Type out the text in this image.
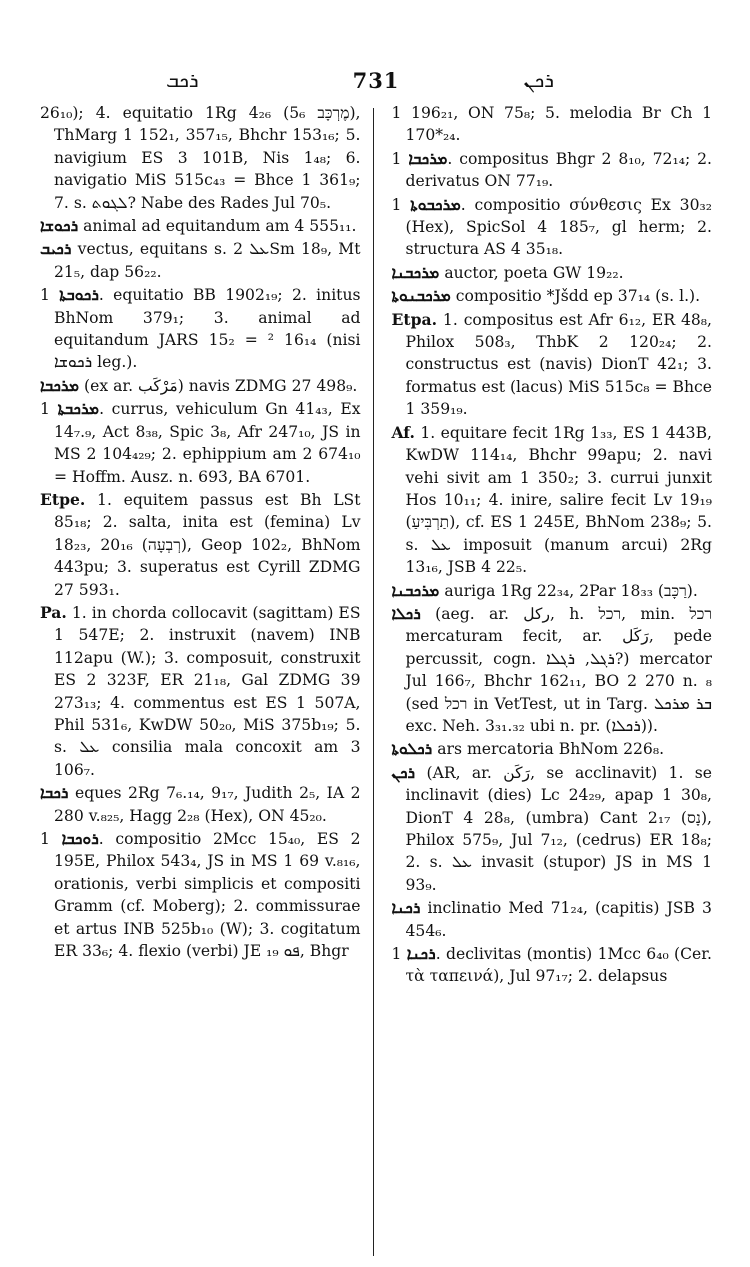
ܪܟܒ	731	ܪܟܢ

26₁₀); 4. equitatio 1Rg 4₂₆ (5₆ מֶרְכָּב), ThMarg 1 152₁, 357₁₅, Bhchr 153₁₆; 5. navigium ES 3 101B, Nis 1₄₈; 6. navigatio MiS 515c₄₃ = Bhce 1 361₉; 7. s. ܠܓܘܬ? Nabe des Rades Jul 70₅.

ܪܟܘܫܐ animal ad equitandum am 4 555₁₁.

ܪܟܝܒ vectus, equitans s. ܥܠ 2Sm 18₉, Mt 21₅, dap 56₂₂.

ܪܟܘܒܬܐ 1. equitatio BB 1902₁₉; 2. initus BhNom 379₁; 3. animal ad equitandum JARS 15₂ = ² 16₁₄ (nisi ܪܟܘܫܐ leg.).

ܡܪܟܒܐ (ex ar. مَرْكَب) navis ZDMG 27 498₉.

ܡܪܟܒܬܐ 1. currus, vehiculum Gn 41₄₃, Ex 14₇.₉, Act 8₃₈, Spic 3₈, Afr 247₁₀, JS in MS 2 104₄₂₉; 2. ephippium am 2 674₁₀ = Hoffm. Ausz. n. 693, BA 6701.

Etpe. 1. equitem passus est Bh LSt 85₁₈; 2. salta, inita est (femina) Lv 18₂₃, 20₁₆ (רְבְעָה), Geop 102₂, BhNom 443pu; 3. superatus est Cyrill ZDMG 27 593₁.

Pa. 1. in chorda collocavit (sagittam) ES 1 547E; 2. instruxit (navem) INB 112apu (W.); 3. composuit, construxit ES 2 323F, ER 21₁₈, Gal ZDMG 39 273₁₃; 4. commentus est ES 1 507A, Phil 531₆, KwDW 50₂₀, MiS 375b₁₉; 5. s. ܥܠ consilia mala concoxit am 3 106₇.

ܪܟܒܐ eques 2Rg 7₆.₁₄, 9₁₇, Judith 2₅, IA 2 280 v.₈₂₅, Hagg 2₂₈ (Hex), ON 45₂₀.

ܪܘܟܒܐ 1. compositio 2Mcc 15₄₀, ES 2 195E, Philox 543₄, JS in MS 1 69 v.₈₁₆, orationis, verbi simplicis et compositi Gramm (cf. Moberg); 2. commissurae et artus INB 525b₁₀ (W); 3. cogitatum ER 33₆; 4. flexio (verbi) JE ܦܘ ₁₉, Bhgr

1 196₂₁, ON 75₈; 5. melodia Br Ch 1 170*₂₄.

ܡܪܟܒܐ 1. compositus Bhgr 2 8₁₀, 72₁₄; 2. derivatus ON 77₁₉.

ܡܪܟܒܘܬܐ 1. compositio σύνθεσις Ex 30₃₂ (Hex), SpicSol 4 185₇, gl herm; 2. structura AS 4 35₁₈.

ܡܪܟܒܢܐ auctor, poeta GW 19₂₂.

ܡܪܟܒܢܘܬܐ compositio *Jšdd ep 37₁₄ (s. l.).

Etpa. 1. compositus est Afr 6₁₂, ER 48₈, Philox 508₃, ThbK 2 120₂₄; 2. constructus est (navis) DionT 42₁; 3. formatus est (lacus) MiS 515c₈ = Bhce 1 359₁₉.

Af. 1. equitare fecit 1Rg 1₃₃, ES 1 443B, KwDW 114₁₄, Bhchr 99apu; 2. navi vehi sivit am 1 350₂; 3. currui junxit Hos 10₁₁; 4. inire, salire fecit Lv 19₁₉ (תַרְבִּיעַ), cf. ES 1 245E, BhNom 238₉; 5. s. ܥܠ imposuit (manum arcui) 2Rg 13₁₆, JSB 4 22₅.

ܡܪܟܒܢܐ auriga 1Rg 22₃₄, 2Par 18₃₃ (רַכָּב).

ܪܟܠܐ (aeg. ar. رکل, h. רכל, min. רכל mercaturam fecit, ar. رَكَل, pede percussit, cogn. ܪܓܠ, ܪܓܠܐ?) mercator Jul 166₇, Bhchr 162₁₁, BO 2 270 n. ₈ (sed רכל in VetTest, ut in Targ. ܒܪ ܡܪܟܠ exc. Neh. 3₃₁.₃₂ ubi n. pr. (ܪܟܠܐ)).

ܪܟܠܘܬܐ ars mercatoria BhNom 226₈.

ܪܟܢ (AR, ar. رَكَن, se acclinavit) 1. se inclinavit (dies) Lc 24₂₉, apap 1 30₈, DionT 4 28₈, (umbra) Cant 2₁₇ (נָס), Philox 575₉, Jul 7₁₂, (cedrus) ER 18₈; 2. s. ܥܠ invasit (stupor) JS in MS 1 93₉.

ܪܟܢܐ inclinatio Med 71₂₄, (capitis) JSB 3 454₆.

ܪܟܢܐ 1. declivitas (montis) 1Mcc 6₄₀ (Cer. τὰ ταπεινά), Jul 97₁₇; 2. delapsus
